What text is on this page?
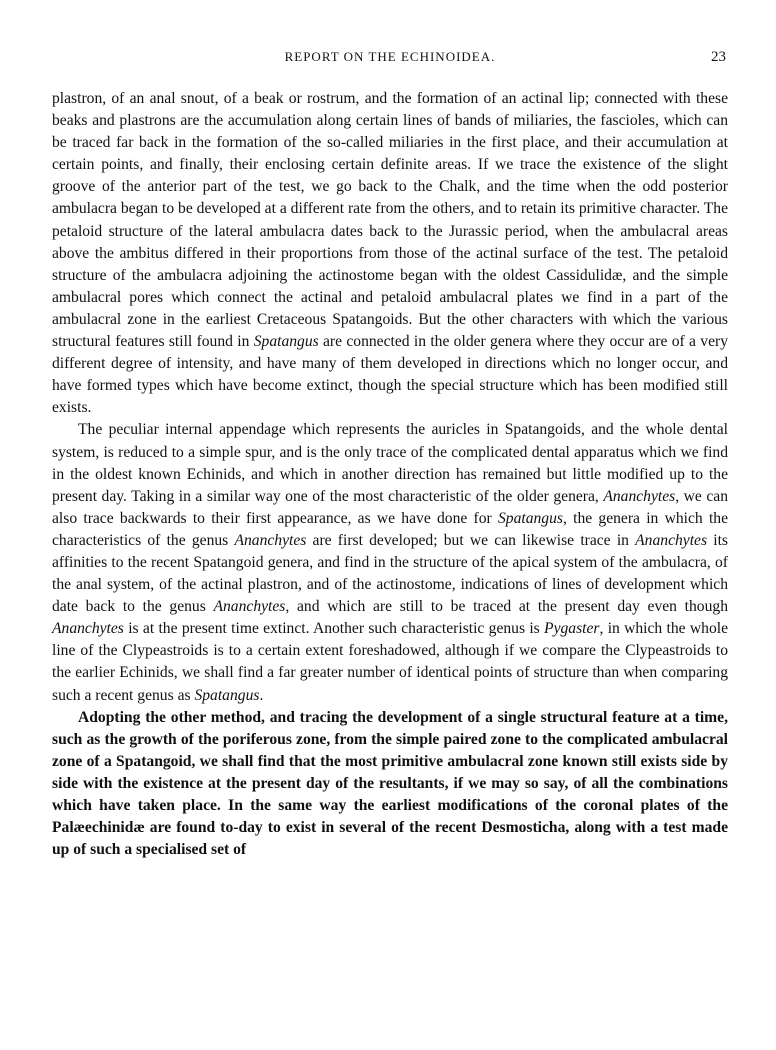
REPORT ON THE ECHINOIDEA.	23

plastron, of an anal snout, of a beak or rostrum, and the formation of an actinal lip; connected with these beaks and plastrons are the accumulation along certain lines of bands of miliaries, the fascioles, which can be traced far back in the formation of the so-called miliaries in the first place, and their accumulation at certain points, and finally, their enclosing certain definite areas. If we trace the existence of the slight groove of the anterior part of the test, we go back to the Chalk, and the time when the odd posterior ambulacra began to be developed at a different rate from the others, and to retain its primitive character. The petaloid structure of the lateral ambulacra dates back to the Jurassic period, when the ambulacral areas above the ambitus differed in their proportions from those of the actinal surface of the test. The petaloid structure of the ambulacra adjoining the actinostome began with the oldest Cassidulidæ, and the simple ambulacral pores which connect the actinal and petaloid ambulacral plates we find in a part of the ambulacral zone in the earliest Cretaceous Spatangoids. But the other characters with which the various structural features still found in Spatangus are connected in the older genera where they occur are of a very different degree of intensity, and have many of them developed in directions which no longer occur, and have formed types which have become extinct, though the special structure which has been modified still exists.

The peculiar internal appendage which represents the auricles in Spatangoids, and the whole dental system, is reduced to a simple spur, and is the only trace of the complicated dental apparatus which we find in the oldest known Echinids, and which in another direction has remained but little modified up to the present day. Taking in a similar way one of the most characteristic of the older genera, Ananchytes, we can also trace backwards to their first appearance, as we have done for Spatangus, the genera in which the characteristics of the genus Ananchytes are first developed; but we can likewise trace in Ananchytes its affinities to the recent Spatangoid genera, and find in the structure of the apical system of the ambulacra, of the anal system, of the actinal plastron, and of the actinostome, indications of lines of development which date back to the genus Ananchytes, and which are still to be traced at the present day even though Ananchytes is at the present time extinct. Another such characteristic genus is Pygaster, in which the whole line of the Clypeastroids is to a certain extent foreshadowed, although if we compare the Clypeastroids to the earlier Echinids, we shall find a far greater number of identical points of structure than when comparing such a recent genus as Spatangus.

Adopting the other method, and tracing the development of a single structural feature at a time, such as the growth of the poriferous zone, from the simple paired zone to the complicated ambulacral zone of a Spatangoid, we shall find that the most primitive ambulacral zone known still exists side by side with the existence at the present day of the resultants, if we may so say, of all the combinations which have taken place. In the same way the earliest modifications of the coronal plates of the Palæechinidæ are found to-day to exist in several of the recent Desmosticha, along with a test made up of such a specialised set of
